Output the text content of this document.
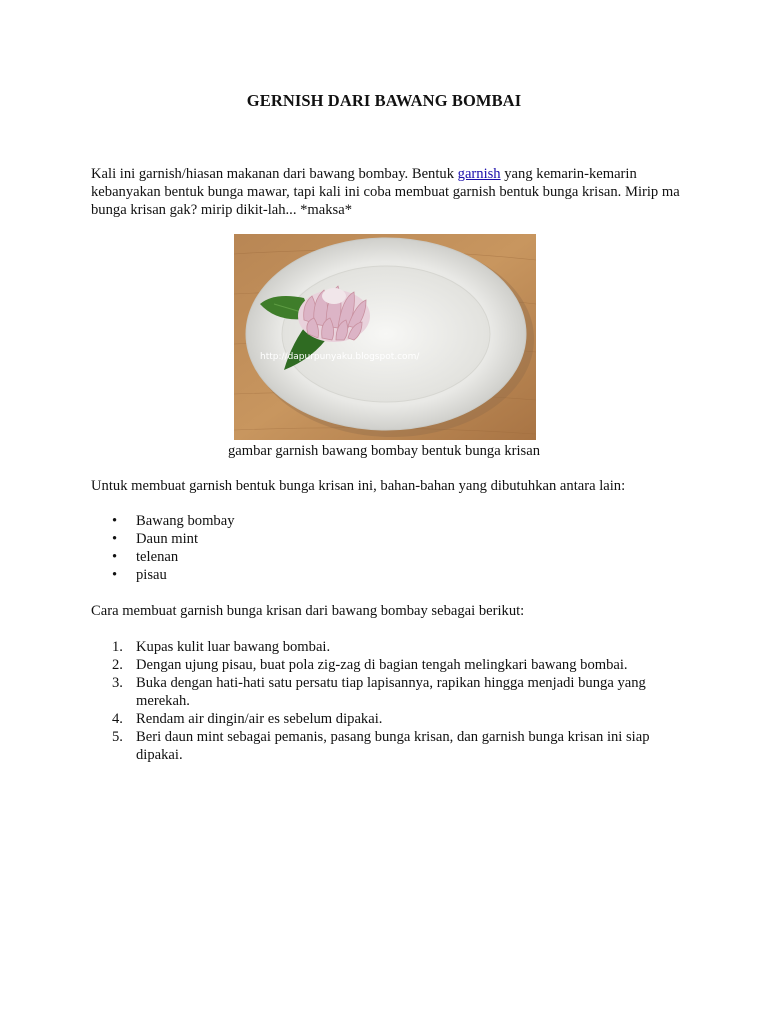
GERNISH DARI BAWANG BOMBAI
Kali ini garnish/hiasan makanan dari bawang bombay. Bentuk garnish yang kemarin-kemarin kebanyakan bentuk bunga mawar, tapi kali ini coba membuat garnish bentuk bunga krisan. Mirip ma bunga krisan gak? mirip dikit-lah... *maksa*
http://dapurpunyaku.blogspot.com/
gambar garnish bawang bombay bentuk bunga krisan
Untuk membuat garnish bentuk bunga krisan ini, bahan-bahan yang dibutuhkan antara lain:
• Bawang bombay
• Daun mint
• telenan
• pisau
Cara membuat garnish bunga krisan dari bawang bombay sebagai berikut:
1. Kupas kulit luar bawang bombai.
2. Dengan ujung pisau, buat pola zig-zag di bagian tengah melingkari bawang bombai.
3. Buka dengan hati-hati satu persatu tiap lapisannya, rapikan hingga menjadi bunga yang merekah.
4. Rendam air dingin/air es sebelum dipakai.
5. Beri daun mint sebagai pemanis, pasang bunga krisan, dan garnish bunga krisan ini siap dipakai.
